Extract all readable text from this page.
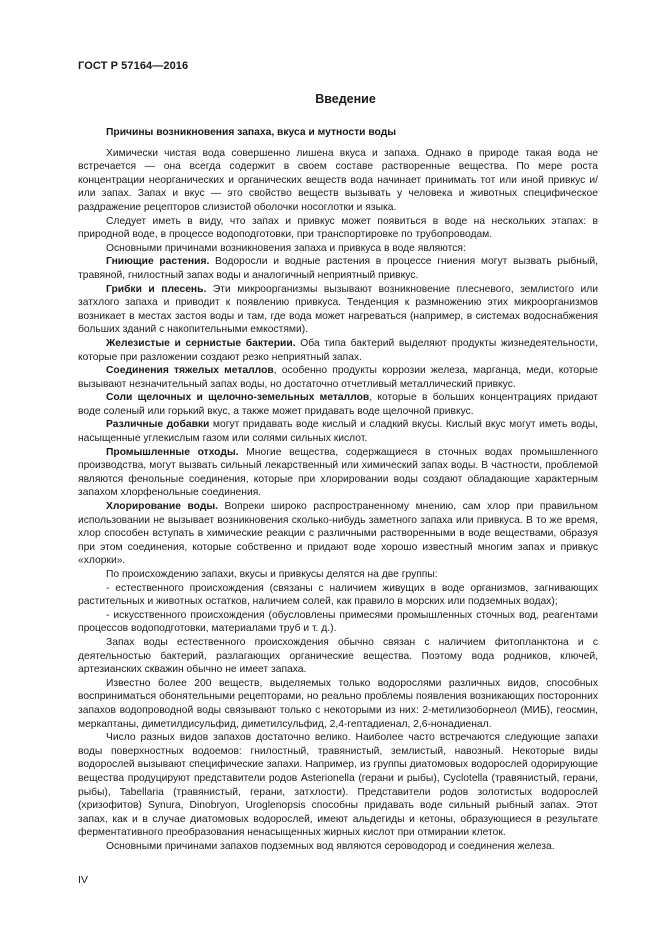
ГОСТ Р 57164—2016
Введение

Причины возникновения запаха, вкуса и мутности воды

Химически чистая вода совершенно лишена вкуса и запаха. Однако в природе такая вода не встречается — она всегда содержит в своем составе растворенные вещества. По мере роста концентрации неорганических и органических веществ вода начинает принимать тот или иной привкус и/или запах. Запах и вкус — это свойство веществ вызывать у человека и животных специфическое раздражение рецепторов слизистой оболочки носоглотки и языка.

Следует иметь в виду, что запах и привкус может появиться в воде на нескольких этапах: в природной воде, в процессе водоподготовки, при транспортировке по трубопроводам.

Основными причинами возникновения запаха и привкуса в воде являются:

Гниющие растения. Водоросли и водные растения в процессе гниения могут вызвать рыбный, травяной, гнилостный запах воды и аналогичный неприятный привкус.

Грибки и плесень. Эти микроорганизмы вызывают возникновение плесневого, землистого или затхлого запаха и приводит к появлению привкуса. Тенденция к размножению этих микроорганизмов возникает в местах застоя воды и там, где вода может нагреваться (например, в системах водоснабжения больших зданий с накопительными емкостями).

Железистые и сернистые бактерии. Оба типа бактерий выделяют продукты жизнедеятельности, которые при разложении создают резко неприятный запах.

Соединения тяжелых металлов, особенно продукты коррозии железа, марганца, меди, которые вызывают незначительный запах воды, но достаточно отчетливый металлический привкус.

Соли щелочных и щелочно-земельных металлов, которые в больших концентрациях придают воде соленый или горький вкус, а также может придавать воде щелочной привкус.

Различные добавки могут придавать воде кислый и сладкий вкусы. Кислый вкус могут иметь воды, насыщенные углекислым газом или солями сильных кислот.

Промышленные отходы. Многие вещества, содержащиеся в сточных водах промышленного производства, могут вызвать сильный лекарственный или химический запах воды. В частности, проблемой являются фенольные соединения, которые при хлорировании воды создают обладающие характерным запахом хлорфенольные соединения.

Хлорирование воды. Вопреки широко распространенному мнению, сам хлор при правильном использовании не вызывает возникновения сколько-нибудь заметного запаха или привкуса. В то же время, хлор способен вступать в химические реакции с различными растворенными в воде веществами, образуя при этом соединения, которые собственно и придают воде хорошо известный многим запах и привкус «хлорки».

По происхождению запахи, вкусы и привкусы делятся на две группы:

- естественного происхождения (связаны с наличием живущих в воде организмов, загнивающих растительных и животных остатков, наличием солей, как правило в морских или подземных водах);

- искусственного происхождения (обусловлены примесями промышленных сточных вод, реагентами процессов водоподготовки, материалами труб и т. д.).

Запах воды естественного происхождения обычно связан с наличием фитопланктона и с деятельностью бактерий, разлагающих органические вещества. Поэтому вода родников, ключей, артезианских скважин обычно не имеет запаха.

Известно более 200 веществ, выделяемых только водорослями различных видов, способных восприниматься обонятельными рецепторами, но реально проблемы появления возникающих посторонних запахов водопроводной воды связывают только с некоторыми из них: 2-метилизоборнеол (МИБ), геосмин, меркаптаны, диметилдисульфид, диметилсульфид, 2,4-гептадиенал, 2,6-нонадиенал.

Число разных видов запахов достаточно велико. Наиболее часто встречаются следующие запахи воды поверхностных водоемов: гнилостный, травянистый, землистый, навозный. Некоторые виды водорослей вызывают специфические запахи. Например, из группы диатомовых водорослей одорирующие вещества продуцируют представители родов Asterionella (герани и рыбы), Cyclotella (травянистый, герани, рыбы), Tabellaria (травянистый, герани, затхлости). Представители родов золотистых водорослей (хризофитов) Synura, Dinobryon, Uroglenopsis способны придавать воде сильный рыбный запах. Этот запах, как и в случае диатомовых водорослей, имеют альдегиды и кетоны, образующиеся в результате ферментативного преобразования ненасыщенных жирных кислот при отмирании клеток.

Основными причинами запахов подземных вод являются сероводород и соединения железа.

IV
